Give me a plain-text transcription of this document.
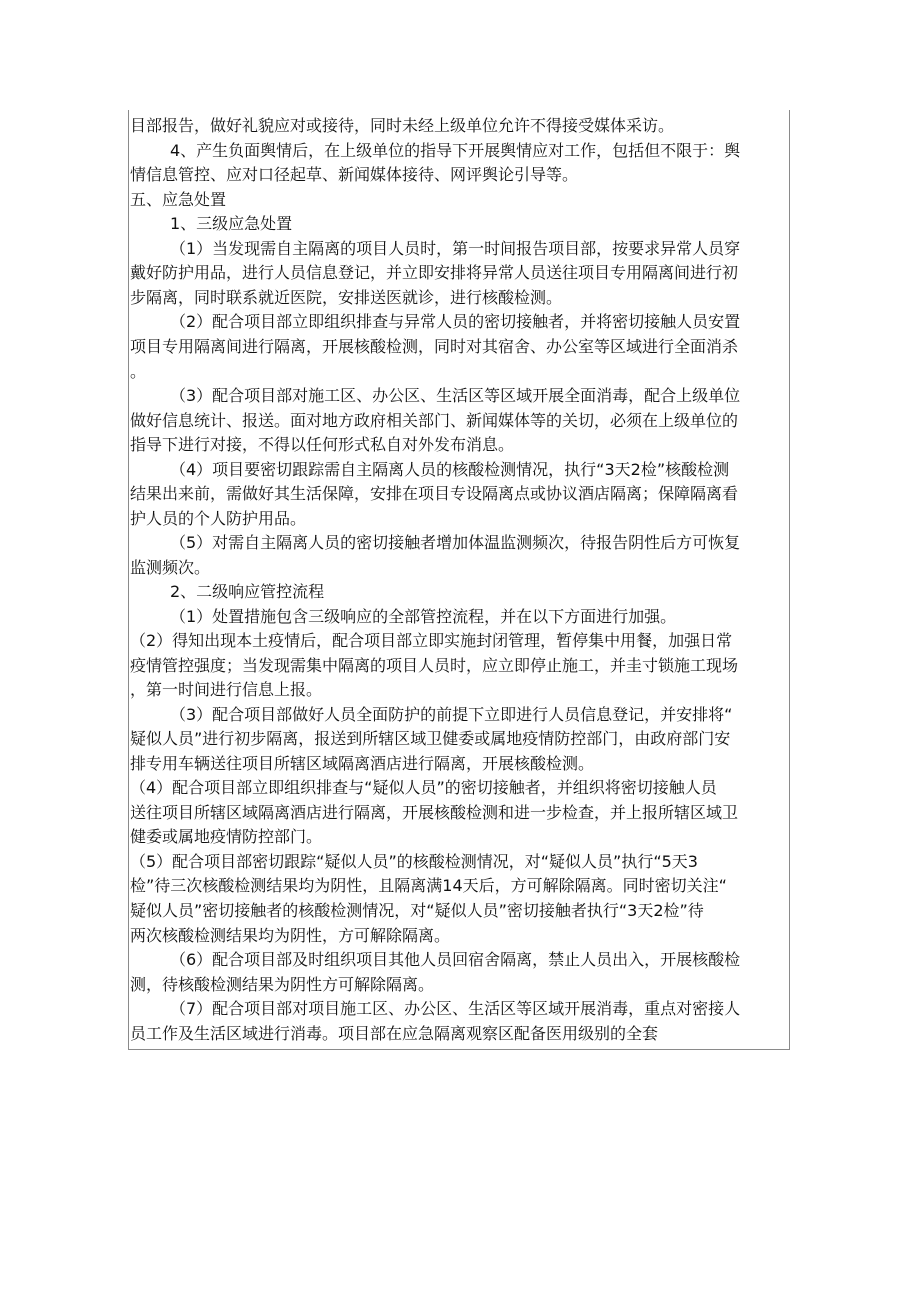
目部报告，做好礼貌应对或接待，同时未经上级单位允许不得接受媒体采访。
4、产生负面舆情后，在上级单位的指导下开展舆情应对工作，包括但不限于：舆
情信息管控、应对口径起草、新闻媒体接待、网评舆论引导等。
五、应急处置
1、三级应急处置
（1）当发现需自主隔离的项目人员时，第一时间报告项目部，按要求异常人员穿
戴好防护用品，进行人员信息登记，并立即安排将异常人员送往项目专用隔离间进行初
步隔离，同时联系就近医院，安排送医就诊，进行核酸检测。
（2）配合项目部立即组织排查与异常人员的密切接触者，并将密切接触人员安置
项目专用隔离间进行隔离，开展核酸检测，同时对其宿舍、办公室等区域进行全面消杀
。
（3）配合项目部对施工区、办公区、生活区等区域开展全面消毒，配合上级单位
做好信息统计、报送。面对地方政府相关部门、新闻媒体等的关切，必须在上级单位的
指导下进行对接，不得以任何形式私自对外发布消息。
（4）项目要密切跟踪需自主隔离人员的核酸检测情况，执行“3天2检”核酸检测
结果出来前，需做好其生活保障，安排在项目专设隔离点或协议酒店隔离；保障隔离看
护人员的个人防护用品。
（5）对需自主隔离人员的密切接触者增加体温监测频次，待报告阴性后方可恢复
监测频次。
2、二级响应管控流程
（1）处置措施包含三级响应的全部管控流程，并在以下方面进行加强。
（2）得知出现本土疫情后，配合项目部立即实施封闭管理，暂停集中用餐，加强日常
疫情管控强度；当发现需集中隔离的项目人员时，应立即停止施工，并圭寸锁施工现场
，第一时间进行信息上报。
（3）配合项目部做好人员全面防护的前提下立即进行人员信息登记，并安排将“
疑似人员”进行初步隔离，报送到所辖区域卫健委或属地疫情防控部门，由政府部门安
排专用车辆送往项目所辖区域隔离酒店进行隔离，开展核酸检测。
（4）配合项目部立即组织排查与“疑似人员”的密切接触者，并组织将密切接触人员
送往项目所辖区域隔离酒店进行隔离，开展核酸检测和进一步检查，并上报所辖区域卫
健委或属地疫情防控部门。
（5）配合项目部密切跟踪“疑似人员”的核酸检测情况，对“疑似人员”执行“5天3
检”待三次核酸检测结果均为阴性，且隔离满14天后，方可解除隔离。同时密切关注“
疑似人员”密切接触者的核酸检测情况，对“疑似人员”密切接触者执行“3天2检”待
两次核酸检测结果均为阴性，方可解除隔离。
（6）配合项目部及时组织项目其他人员回宿舍隔离，禁止人员出入，开展核酸检
测，待核酸检测结果为阴性方可解除隔离。
（7）配合项目部对项目施工区、办公区、生活区等区域开展消毒，重点对密接人
员工作及生活区域进行消毒。项目部在应急隔离观察区配备医用级别的全套
